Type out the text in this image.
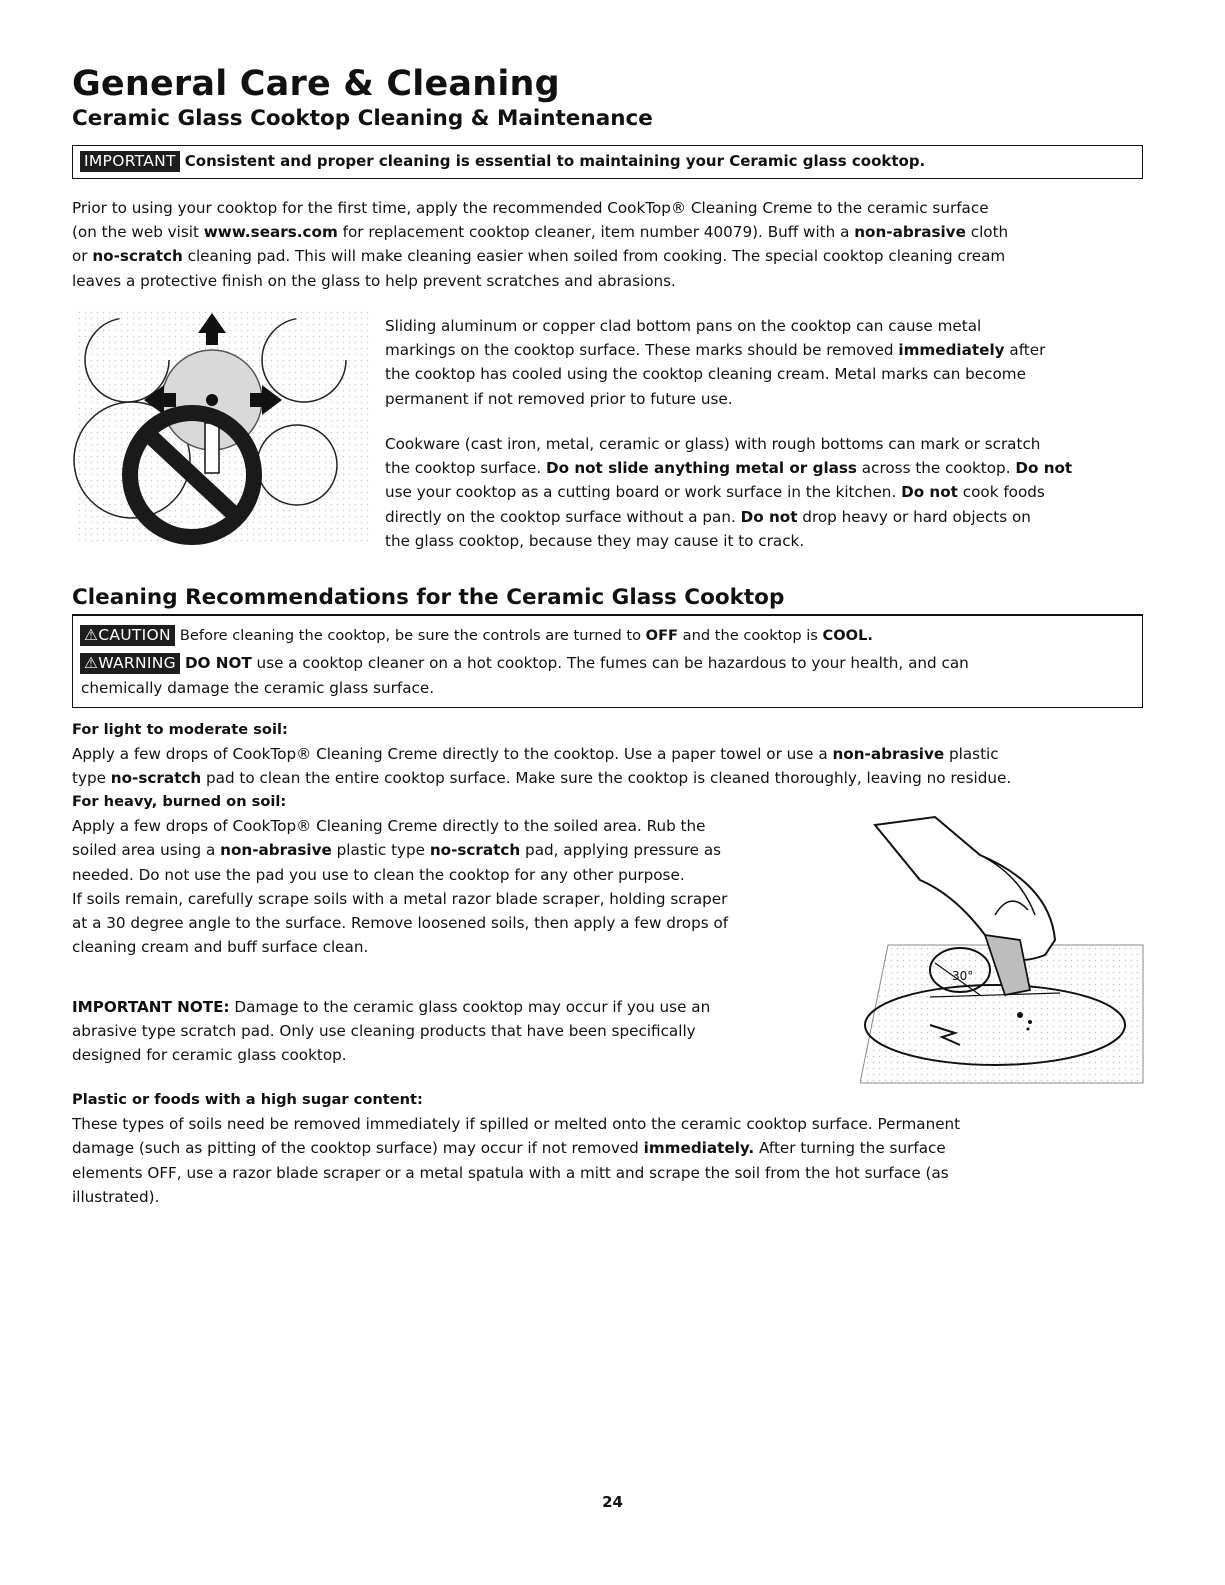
General Care & Cleaning
Ceramic Glass Cooktop Cleaning & Maintenance
IMPORTANT Consistent and proper cleaning is essential to maintaining your Ceramic glass cooktop.
Prior to using your cooktop for the first time, apply the recommended CookTop® Cleaning Creme to the ceramic surface
(on the web visit www.sears.com for replacement cooktop cleaner, item number 40079). Buff with a non-abrasive cloth
or no-scratch cleaning pad. This will make cleaning easier when soiled from cooking. The special cooktop cleaning cream
leaves a protective finish on the glass to help prevent scratches and abrasions.
Sliding aluminum or copper clad bottom pans on the cooktop can cause metal
markings on the cooktop surface. These marks should be removed immediately after
the cooktop has cooled using the cooktop cleaning cream. Metal marks can become
permanent if not removed prior to future use.
Cookware (cast iron, metal, ceramic or glass) with rough bottoms can mark or scratch
the cooktop surface. Do not slide anything metal or glass across the cooktop. Do not
use your cooktop as a cutting board or work surface in the kitchen. Do not cook foods
directly on the cooktop surface without a pan. Do not drop heavy or hard objects on
the glass cooktop, because they may cause it to crack.
Cleaning Recommendations for the Ceramic Glass Cooktop
⚠CAUTION Before cleaning the cooktop, be sure the controls are turned to OFF and the cooktop is COOL.
⚠WARNING DO NOT use a cooktop cleaner on a hot cooktop. The fumes can be hazardous to your health, and can
chemically damage the ceramic glass surface.
For light to moderate soil:
Apply a few drops of CookTop® Cleaning Creme directly to the cooktop. Use a paper towel or use a non-abrasive plastic
type no-scratch pad to clean the entire cooktop surface. Make sure the cooktop is cleaned thoroughly, leaving no residue.
For heavy, burned on soil:
Apply a few drops of CookTop® Cleaning Creme directly to the soiled area. Rub the
soiled area using a non-abrasive plastic type no-scratch pad, applying pressure as
needed. Do not use the pad you use to clean the cooktop for any other purpose.
If soils remain, carefully scrape soils with a metal razor blade scraper, holding scraper
at a 30 degree angle to the surface. Remove loosened soils, then apply a few drops of
cleaning cream and buff surface clean.
IMPORTANT NOTE: Damage to the ceramic glass cooktop may occur if you use an
abrasive type scratch pad. Only use cleaning products that have been specifically
designed for ceramic glass cooktop.
30°
Plastic or foods with a high sugar content:
These types of soils need be removed immediately if spilled or melted onto the ceramic cooktop surface. Permanent
damage (such as pitting of the cooktop surface) may occur if not removed immediately. After turning the surface
elements OFF, use a razor blade scraper or a metal spatula with a mitt and scrape the soil from the hot surface (as
illustrated).
24
